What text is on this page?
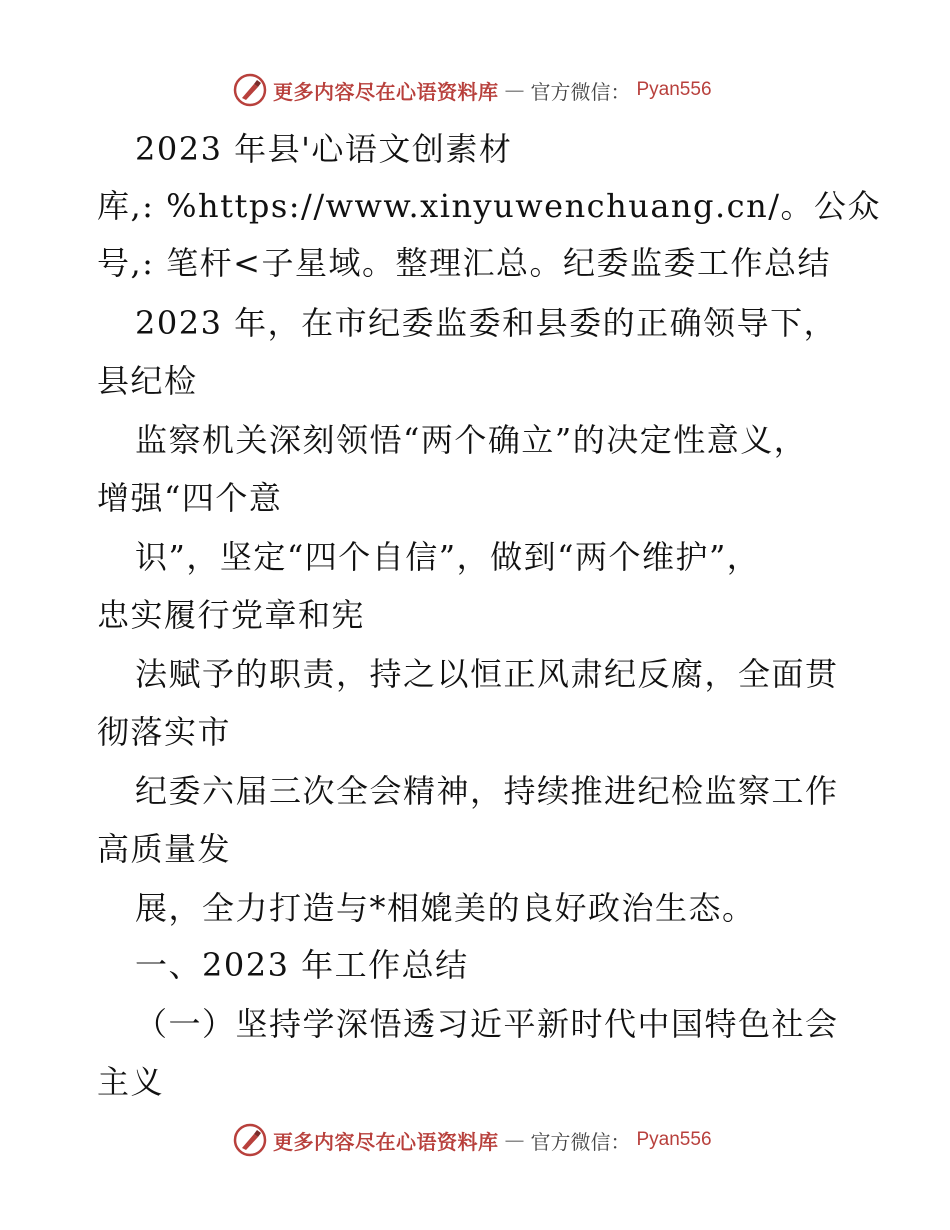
更多内容尽在心语资料库 — 官方微信： Pyan556
2023 年县'心语文创素材
库,: %https://www.xinyuwenchuang.cn/。公众
号,: 笔杆<子星域。整理汇总。纪委监委工作总结
2023 年，在市纪委监委和县委的正确领导下，
县纪检
监察机关深刻领悟“两个确立”的决定性意义，
增强“四个意
识”，坚定“四个自信”，做到“两个维护”，
忠实履行党章和宪
法赋予的职责，持之以恒正风肃纪反腐，全面贯
彻落实市
纪委六届三次全会精神，持续推进纪检监察工作
高质量发
展，全力打造与*相媲美的良好政治生态。
一、2023 年工作总结
（一）坚持学深悟透习近平新时代中国特色社会
主义
更多内容尽在心语资料库 — 官方微信： Pyan556
